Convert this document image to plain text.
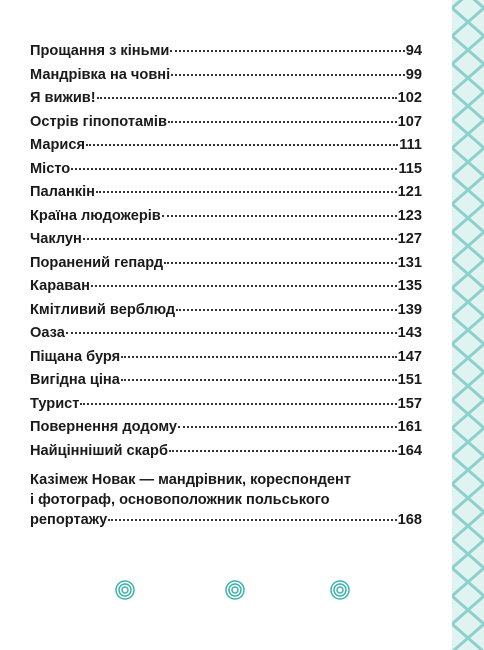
Прощання з кіньми	94
Мандрівка на човні	99
Я вижив!	102
Острів гіпопотамів	107
Марися	111
Місто	115
Паланкін	121
Країна людожерів	123
Чаклун	127
Поранений гепард	131
Караван	135
Кмітливий верблюд	139
Оаза	143
Піщана буря	147
Вигідна ціна	151
Турист	157
Повернення додому	161
Найцінніший скарб	164
Казімеж Новак — мандрівник, кореспондент
і фотограф, основоположник польського
репортажу	168
